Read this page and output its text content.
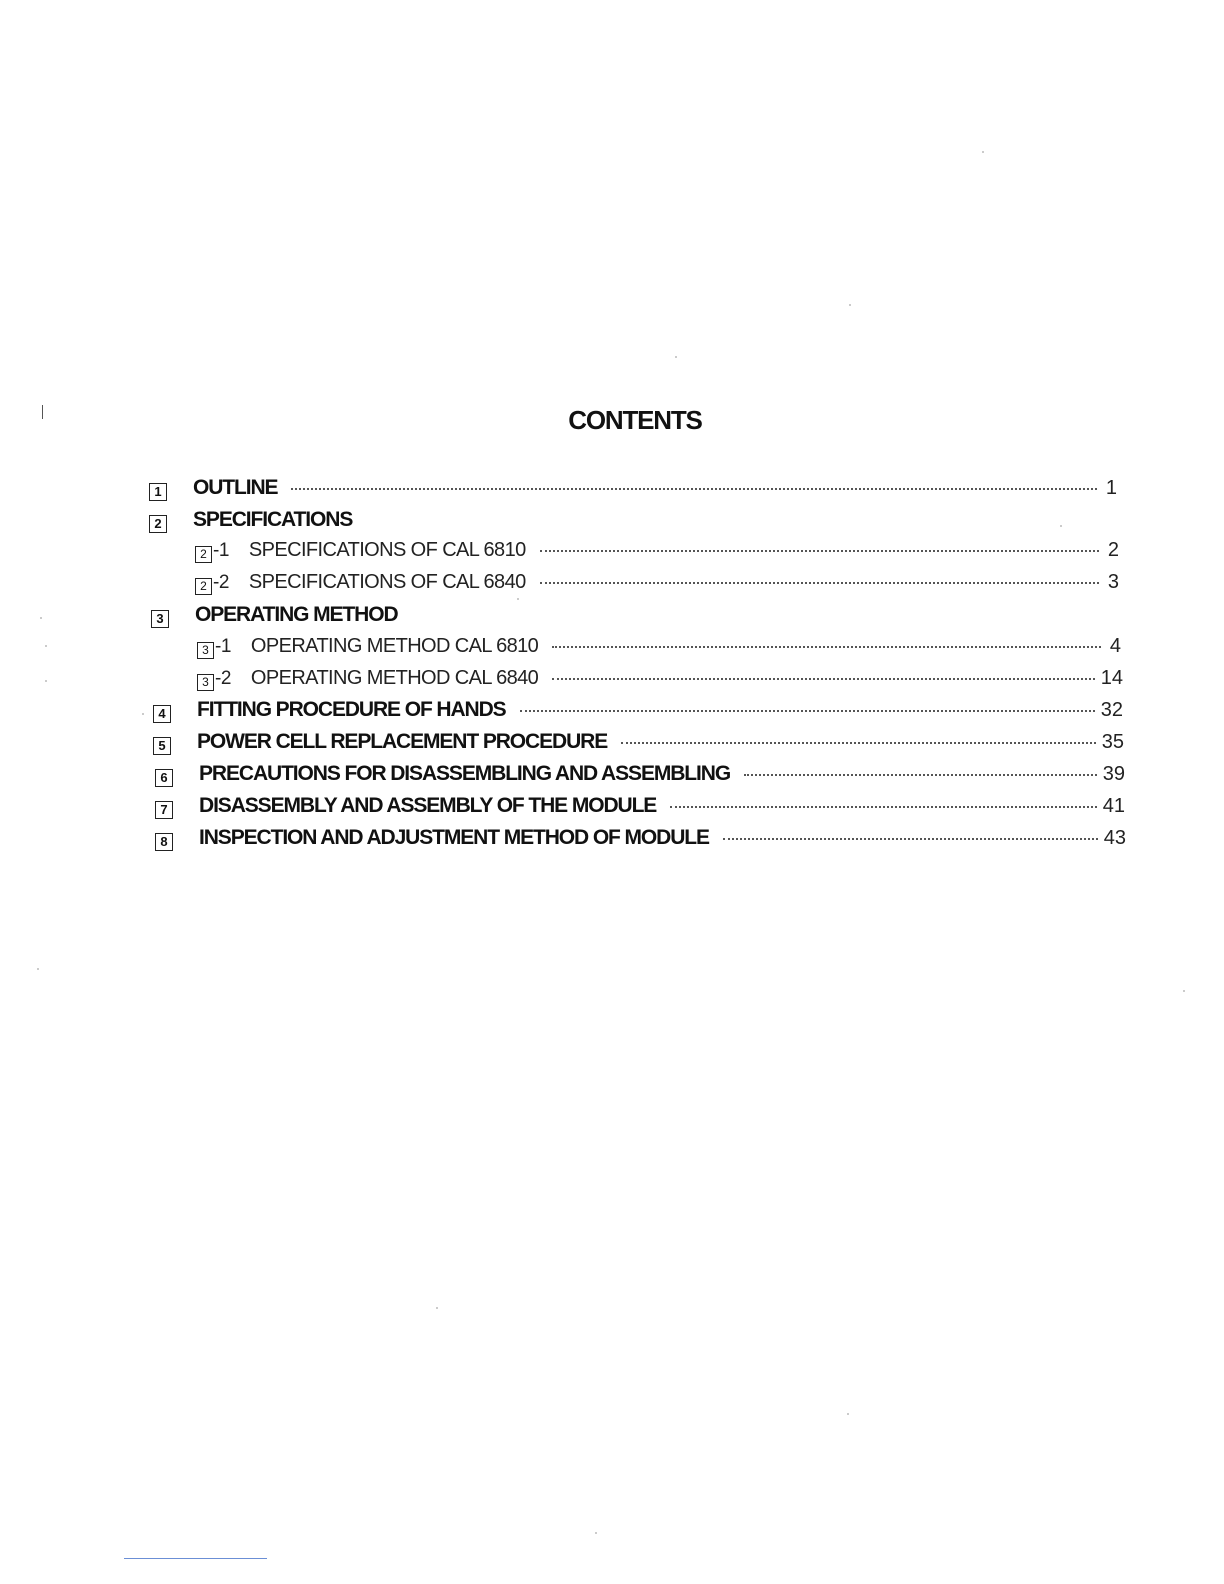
CONTENTS
1 OUTLINE	1
2 SPECIFICATIONS
2 -1 SPECIFICATIONS OF CAL 6810	2
2 -2 SPECIFICATIONS OF CAL 6840	3
3 OPERATING METHOD
3 -1 OPERATING METHOD CAL 6810	4
3 -2 OPERATING METHOD CAL 6840	14
4 FITTING PROCEDURE OF HANDS	32
5 POWER CELL REPLACEMENT PROCEDURE	35
6 PRECAUTIONS FOR DISASSEMBLING AND ASSEMBLING	39
7 DISASSEMBLY AND ASSEMBLY OF THE MODULE	41
8 INSPECTION AND ADJUSTMENT METHOD OF MODULE	43
